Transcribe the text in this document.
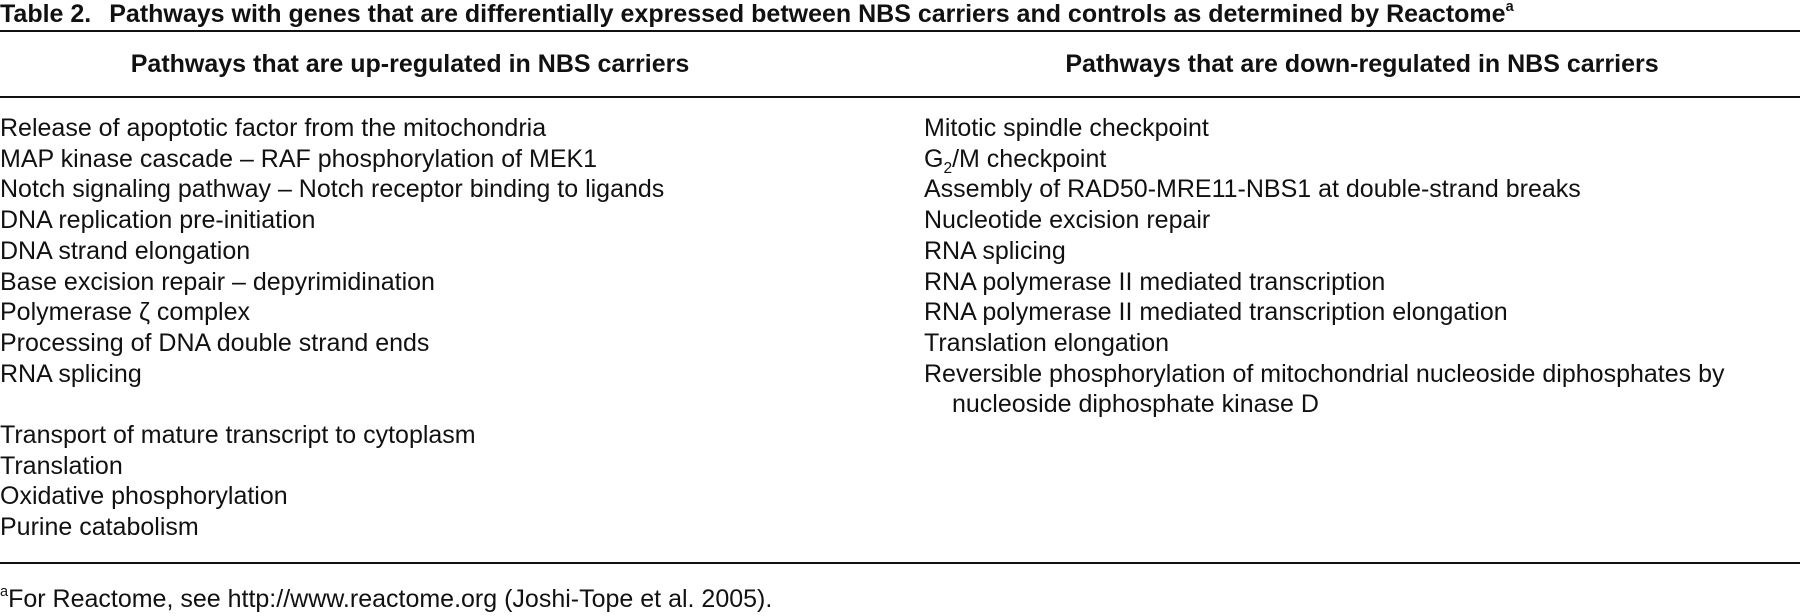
Table 2. Pathways with genes that are differentially expressed between NBS carriers and controls as determined by Reactome$^a$
Pathways that are up-regulated in NBS carriers	Pathways that are down-regulated in NBS carriers
Release of apoptotic factor from the mitochondria
MAP kinase cascade – RAF phosphorylation of MEK1
Notch signaling pathway – Notch receptor binding to ligands
DNA replication pre-initiation
DNA strand elongation
Base excision repair – depyrimidination
Polymerase ζ complex
Processing of DNA double strand ends
RNA splicing
Transport of mature transcript to cytoplasm
Translation
Oxidative phosphorylation
Purine catabolism
Mitotic spindle checkpoint
$G_2/M$ checkpoint
Assembly of RAD50-MRE11-NBS1 at double-strand breaks
Nucleotide excision repair
RNA splicing
RNA polymerase II mediated transcription
RNA polymerase II mediated transcription elongation
Translation elongation
Reversible phosphorylation of mitochondrial nucleoside diphosphates by nucleoside diphosphate kinase D
$^a$For Reactome, see http://www.reactome.org (Joshi-Tope et al. 2005).
